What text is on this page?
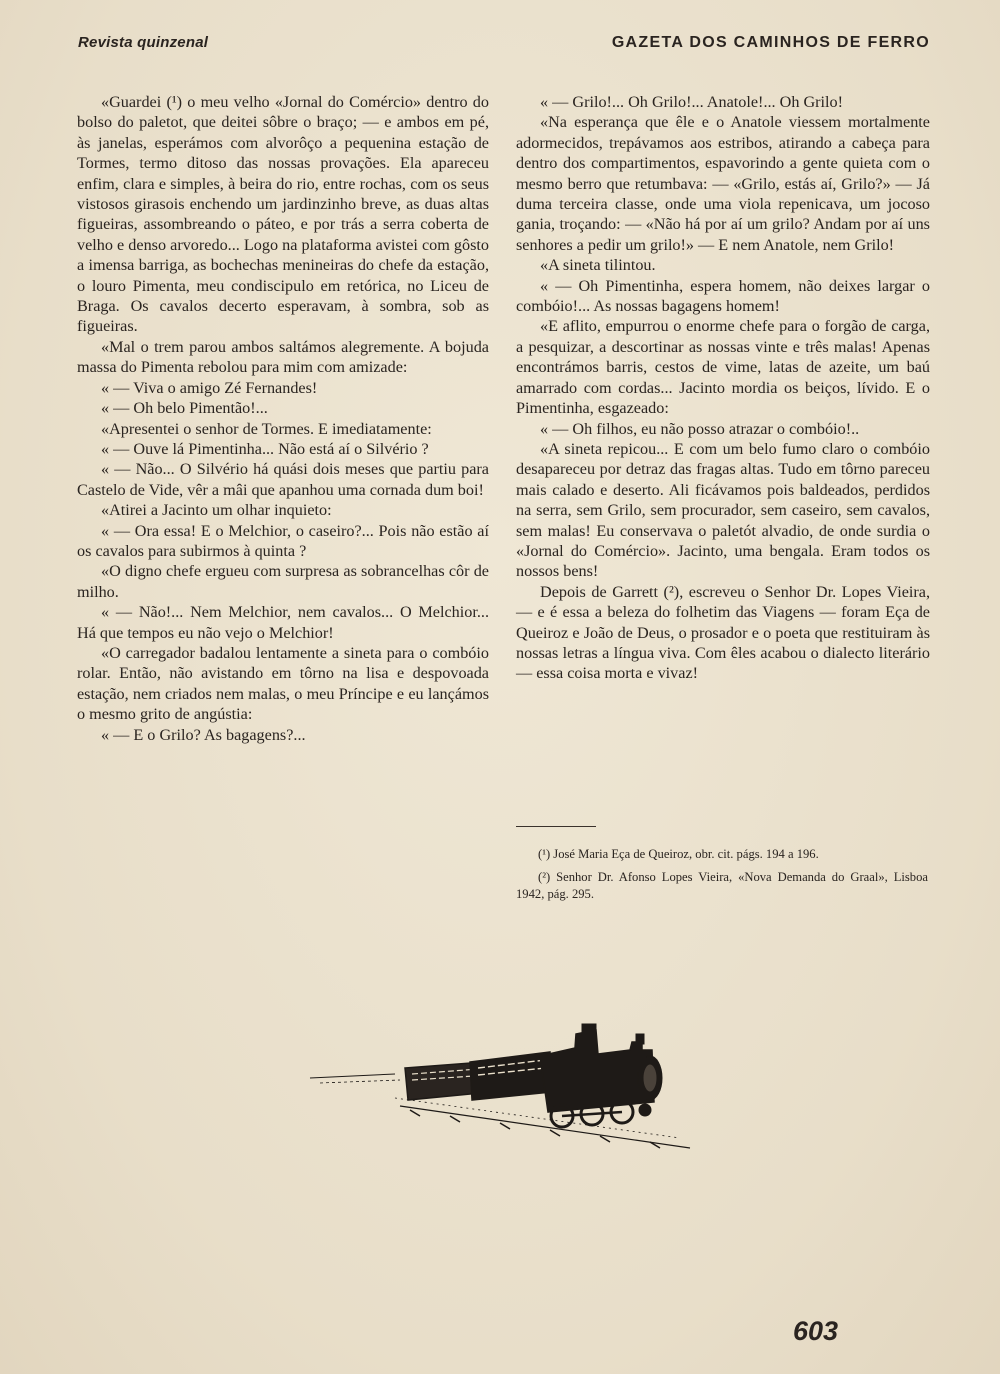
Revista quinzenal	GAZETA DOS CAMINHOS DE FERRO

«Guardei (¹) o meu velho «Jornal do Comércio» dentro do bolso do paletot, que deitei sôbre o braço; — e ambos em pé, às janelas, esperámos com alvorôço a pequenina estação de Tormes, termo ditoso das nossas provações. Ela apareceu enfim, clara e simples, à beira do rio, entre rochas, com os seus vistosos girasois enchendo um jardinzinho breve, as duas altas figueiras, assombreando o páteo, e por trás a serra coberta de velho e denso arvoredo... Logo na plataforma avistei com gôsto a imensa barriga, as bochechas menineiras do chefe da estação, o louro Pimenta, meu condiscipulo em retórica, no Liceu de Braga. Os cavalos decerto esperavam, à sombra, sob as figueiras.

«Mal o trem parou ambos saltámos alegremente. A bojuda massa do Pimenta rebolou para mim com amizade:

« — Viva o amigo Zé Fernandes!

« — Oh belo Pimentão!...

«Apresentei o senhor de Tormes. E imediatamente:

« — Ouve lá Pimentinha... Não está aí o Silvério ?

« — Não... O Silvério há quási dois meses que partiu para Castelo de Vide, vêr a mâi que apanhou uma cornada dum boi!

«Atirei a Jacinto um olhar inquieto:

« — Ora essa! E o Melchior, o caseiro?... Pois não estão aí os cavalos para subirmos à quinta ?

«O digno chefe ergueu com surpresa as sobrancelhas côr de milho.

« — Não!... Nem Melchior, nem cavalos... O Melchior... Há que tempos eu não vejo o Melchior!

«O carregador badalou lentamente a sineta para o combóio rolar. Então, não avistando em tôrno na lisa e despovoada estação, nem criados nem malas, o meu Príncipe e eu lançámos o mesmo grito de angústia:

« — E o Grilo? As bagagens?...

« — Grilo!... Oh Grilo!... Anatole!... Oh Grilo!

«Na esperança que êle e o Anatole viessem mortalmente adormecidos, trepávamos aos estribos, atirando a cabeça para dentro dos compartimentos, espavorindo a gente quieta com o mesmo berro que retumbava: — «Grilo, estás aí, Grilo?» — Já duma terceira classe, onde uma viola repenicava, um jocoso gania, troçando: — «Não há por aí um grilo? Andam por aí uns senhores a pedir um grilo!» — E nem Anatole, nem Grilo!

«A sineta tilintou.

« — Oh Pimentinha, espera homem, não deixes largar o combóio!... As nossas bagagens homem!

«E aflito, empurrou o enorme chefe para o forgão de carga, a pesquizar, a descortinar as nossas vinte e três malas! Apenas encontrámos barris, cestos de vime, latas de azeite, um baú amarrado com cordas... Jacinto mordia os beiços, lívido. E o Pimentinha, esgazeado:

« — Oh filhos, eu não posso atrazar o combóio!..

«A sineta repicou... E com um belo fumo claro o combóio desapareceu por detraz das fragas altas. Tudo em tôrno pareceu mais calado e deserto. Ali ficávamos pois baldeados, perdidos na serra, sem Grilo, sem procurador, sem caseiro, sem cavalos, sem malas! Eu conservava o paletót alvadio, de onde surdia o «Jornal do Comércio». Jacinto, uma bengala. Eram todos os nossos bens!

Depois de Garrett (²), escreveu o Senhor Dr. Lopes Vieira, — e é essa a beleza do folhetim das Viagens — foram Eça de Queiroz e João de Deus, o prosador e o poeta que restituiram às nossas letras a língua viva. Com êles acabou o dialecto literário — essa coisa morta e vivaz!

(¹) José Maria Eça de Queiroz, obr. cit. págs. 194 a 196.

(²) Senhor Dr. Afonso Lopes Vieira, «Nova Demanda do Graal», Lisboa 1942, pág. 295.

603
